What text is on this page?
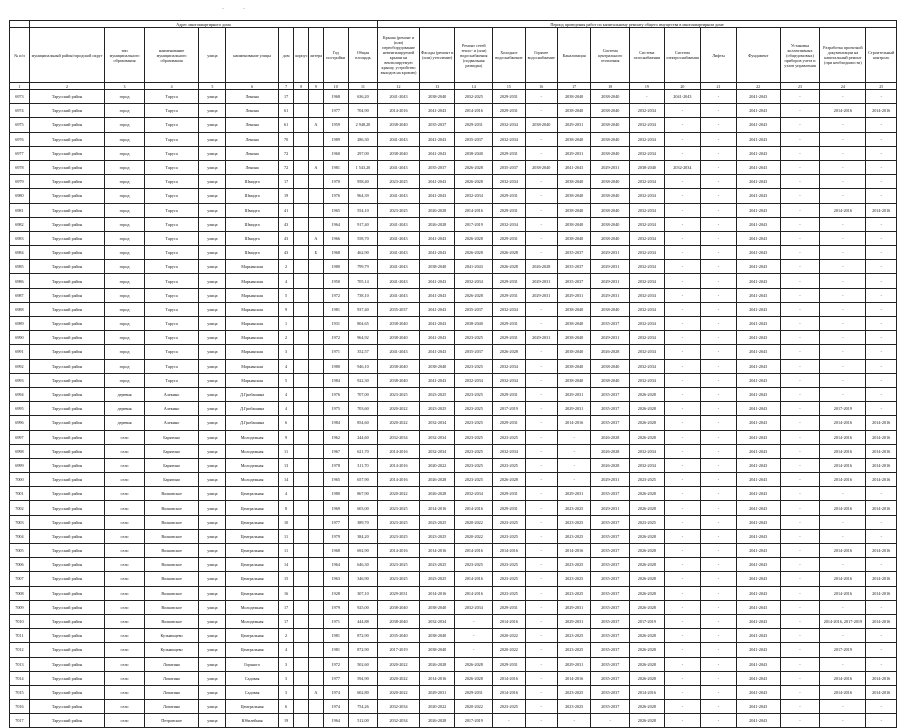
-	-
	Адрес многоквартирного дома										Период проведения работ по капитальному ремонту общего имущества в многоквартирном доме													
№ п/п	муниципальный район/городской округ	тип муниципального образования	наименование муниципального образования	улица	наименование улицы	дом	корпус	литера	Год постройки	Общая площадь	Крыша (ремонт и (или) переоборудование невентилируемой крыши на вентилируемую крышу, устройство выходов на кровлю)	Фасады (ремонт и (или) утепление)	Ремонт сетей тепло- и (или) водоснабжения (подвальная разводка)	Холодное водоснабжение	Горячее водоснабжение	Канализация	Система центрального отопления	Система газоснабжения	Система электроснабжения	Лифты	Фундамент	Установка коллективных (общедомовых) приборов учета и узлов управления	Разработка проектной документации на капитальный ремонт (при необходимости)	Строительный контроль
1	2	3	4	5	6	7	8	9	10	11	12	13	14	15	16	17	18	19	20	21	22	23	24	25
6973	Тарусский район	город	Таруса	улица	Ленина	17			1968	636,20	2041-2043	2038-2040	2032-2025	2029-2031	-	2038-2040	2038-2040	-	2041-2043	-	2041-2043	-	-	-
6974	Тарусский район	город	Таруса	улица	Ленина	61			1977	704,90	2014-2016	2041-2043	2014-2016	2029-2031	-	2038-2040	2038-2040	2032-2034	-	-	2041-2043	-	2014-2016	2014-2016
6975	Тарусский район	город	Таруса	улица	Ленина	61		А	1959	2 948,20	2038-2040	2035-2037	2029-2031	2032-2034	2038-2040	2029-2031	2038-2040	2032-2034	-	-	2041-2043	-	-	-
6976	Тарусский район	город	Таруса	улица	Ленина	70			1989	286,30	2041-2043	2041-2043	2035-2037	2032-2034	-	2038-2040	2038-2040	2032-2034	-	-	2041-2043	-	-	-
6977	Тарусский район	город	Таруса	улица	Ленина	72			1960	297,00	2038-2040	2041-2043	2038-2040	2029-2031	-	2029-2031	2038-2040	2032-2034	-	-	2041-2043	-	-	-
6978	Тарусский район	город	Таруса	улица	Ленина	72		А	1981	1 543,20	2041-2043	2035-2037	2026-2028	2035-2037	2038-2040	2041-2043	2029-2031	2038-2040	2032-2034	-	2041-2043	-	-	-
6979	Тарусский район	город	Таруса	улица	Шмидта	17			1970	958,40	2023-2025	2041-2043	2026-2028	2032-2034	-	2038-2040	2038-2040	2032-2034	-	-	2041-2043	-	-	-
6980	Тарусский район	город	Таруса	улица	Шмидта	19			1976	964,39	2041-2043	2041-2043	2032-2034	2029-2031	-	2038-2040	2038-2040	2032-2034	-	-	2041-2043	-	-	-
6981	Тарусский район	город	Таруса	улица	Шмидта	41			1965	554,10	2023-2025	2026-2028	2014-2016	2029-2031	-	2038-2040	2038-2040	2032-2034	-	-	2041-2043	-	2014-2016	2014-2016
6982	Тарусский район	город	Таруса	улица	Шмидта	43			1964	917,40	2041-2043	2026-2028	2017-2019	2032-2034	-	2038-2040	2038-2040	2032-2034	-	-	2041-2043	-	-	-
6983	Тарусский район	город	Таруса	улица	Шмидта	43		А	1966	558,70	2041-2043	2041-2043	2026-2028	2029-2031	-	2038-2040	2038-2040	2032-2034	-	-	2041-2043	-	-	-
6984	Тарусский район	город	Таруса	улица	Шмидта	43		Б	1968	462,90	2041-2043	2041-2043	2026-2028	2026-2028	-	2035-2037	2029-2031	2032-2034	-	-	2041-2043	-	-	-
6985	Тарусский район	город	Таруса	улица	Марьинская	2			1980	799,79	2041-2043	2038-2040	2041-2043	2026-2028	2026-2028	2035-2037	2029-2031	2032-2034	-	-	2041-2043	-	-	-
6986	Тарусский район	город	Таруса	улица	Марьинская	4			1950	705,14	2041-2043	2041-2043	2032-2034	2029-2031	2029-2031	2035-2037	2029-2031	2032-2034	-	-	2041-2043	-	-	-
6987	Тарусский район	город	Таруса	улица	Марьинская	5			1972	738,10	2041-2043	2041-2043	2026-2028	2029-2031	2029-2031	2029-2031	2029-2031	2032-2034	-	-	2041-2043	-	-	-
6988	Тарусский район	город	Таруса	улица	Марьинская	9			1981	937,40	2035-2037	2041-2043	2035-2037	2032-2034	-	2038-2040	2038-2040	2032-2034	-	-	2041-2043	-	-	-
6989	Тарусский район	город	Таруса	улица	Марьинская	1			1931	804,65	2038-2040	2041-2043	2038-2040	2029-2031	-	2038-2040	2035-2037	2032-2034	-	-	2041-2043	-	-	-
6990	Тарусский район	город	Таруса	улица	Марьинская	2			1972	964,92	2038-2040	2041-2043	2023-2025	2029-2031	2029-2031	2038-2040	2029-2031	2032-2034	-	-	2041-2043	-	-	-
6991	Тарусский район	город	Таруса	улица	Марьинская	3			1971	352,57	2041-2043	2041-2043	2035-2037	2026-2028	-	2038-2040	2026-2028	2032-2034	-	-	2041-2043	-	-	-
6992	Тарусский район	город	Таруса	улица	Марьинская	4			1980	946,10	2038-2040	2038-2040	2023-2025	2032-2034	-	2038-2040	2038-2040	2032-2034	-	-	2041-2043	-	-	-
6993	Тарусский район	город	Таруса	улица	Марьинская	5			1984	922,30	2038-2040	2041-2043	2032-2034	2032-2034	-	2038-2040	2038-2040	2032-2034	-	-	2041-2043	-	-	-
6994	Тарусский район	деревня	Алекино	улица	Д.Грибашина	4			1976	707,00	2023-2025	2023-2025	2023-2025	2029-2031	-	2029-2031	2035-2037	2026-2028	-	-	2041-2043	-	-	-
6995	Тарусский район	деревня	Алекино	улица	Д.Грибашина	4			1975	703,60	2020-2022	2023-2025	2023-2025	2017-2019	-	2029-2031	2035-2037	2026-2028	-	-	2041-2043	-	2017-2019	-
6996	Тарусский район	деревня	Алекино	улица	Д.Грибашина	6			1984	854,60	2020-2022	2032-2034	2023-2025	2029-2031	-	2014-2016	2035-2037	2026-2028	-	-	2041-2043	-	2014-2016	2014-2016
6997	Тарусский район	село	Барятино	улица	Молодежная	9			1962	244,60	2032-2034	2032-2034	2023-2025	2023-2025	-	-	2026-2028	2026-2028	-	-	2041-2043	-	2014-2016	2014-2016
6998	Тарусский район	село	Барятино	улица	Молодежная	11			1967	621,70	2014-2016	2032-2034	2023-2025	2032-2034	-	-	2026-2028	2032-2034	-	-	2041-2043	-	2014-2016	2014-2016
6999	Тарусский район	село	Барятино	улица	Молодежная	13			1978	311,70	2014-2016	2020-2022	2023-2025	2023-2025	-	-	2026-2028	2032-2034	-	-	2041-2043	-	2014-2016	2014-2016
7000	Тарусский район	село	Барятино	улица	Молодежная	14			1965	657,90	2014-2016	2026-2028	2023-2025	2026-2028	-	-	2029-2031	2023-2025	-	-	2041-2043	-	2014-2016	2014-2016
7001	Тарусский район	село	Волковское	улица	Центральная	4			1980	867,90	2020-2022	2026-2028	2032-2034	2029-2031	-	2029-2031	2035-2037	2026-2028	-	-	2041-2043	-	-	-
7002	Тарусский район	село	Волковское	улица	Центральная	8			1969	603,00	2023-2025	2014-2016	2014-2016	2029-2031	-	2023-2025	2029-2031	2026-2028	-	-	2041-2043	-	2014-2016	2014-2016
7003	Тарусский район	село	Волковское	улица	Центральная	10			1977	389,70	2023-2025	2023-2025	2020-2022	2023-2025	-	2023-2025	2035-2037	2023-2025	-	-	2041-2043	-	-	-
7004	Тарусский район	село	Волковское	улица	Центральная	11			1979	384,20	2023-2025	2023-2025	2020-2022	2023-2025	-	2023-2025	2035-2037	2026-2028	-	-	2041-2043	-	-	-
7005	Тарусский район	село	Волковское	улица	Центральная	11			1968	692,90	2014-2016	2014-2016	2014-2016	2014-2016	-	2014-2016	2035-2037	2026-2028	-	-	2041-2043	-	2014-2016	2014-2016
7006	Тарусский район	село	Волковское	улица	Центральная	14			1964	646,30	2023-2025	2023-2025	2023-2025	2023-2025	-	2023-2025	2035-2037	2026-2028	-	-	2041-2043	-	-	-
7007	Тарусский район	село	Волковское	улица	Центральная	15			1963	346,90	2023-2025	2023-2025	2014-2016	2023-2025	-	2023-2025	2035-2037	2026-2028	-	-	2041-2043	-	2014-2016	2014-2016
7008	Тарусский район	село	Волковское	улица	Центральная	16			1928	307,10	2029-2031	2014-2016	2014-2016	2023-2025	-	2023-2025	2035-2037	2026-2028	-	-	2041-2043	-	2014-2016	2014-2016
7009	Тарусский район	село	Волковское	улица	Молодежная	17			1979	925,00	2038-2040	2038-2040	2032-2034	2029-2031	-	2029-2031	2035-2037	2026-2028	-	-	2041-2043	-	-	-
7010	Тарусский район	село	Волковское	улица	Молодежная	17			1971	444,88	2038-2040	2032-2034	-	2014-2016	-	2029-2031	2035-2037	2017-2019	-	-	2041-2043	-	2014-2016, 2017-2019	2014-2016
7011	Тарусский район	село	Кузьмищево	улица	Центральная	2			1981	872,90	2035-2040	2038-2040	-	2020-2022	-	2023-2025	2035-2037	2026-2028	-	-	2041-2043	-	-	-
7012	Тарусский район	село	Кузьмищево	улица	Центральная	4			1981	872,90	2017-2019	2038-2040	-	2020-2022	-	2023-2025	2035-2037	2026-2028	-	-	2041-2043	-	2017-2019	-
7013	Тарусский район	село	Лопатино	улица	Горького	3			1972	502,60	2020-2022	2026-2028	2026-2028	2029-2031	-	2029-2031	2035-2037	2026-2028	-	-	2041-2043	-	-	-
7014	Тарусский район	село	Лопатино	улица	Садовая	3			1977	594,90	2020-2022	2014-2016	2026-2028	2014-2016	-	2014-2016	2035-2037	2026-2028	-	-	2041-2043	-	2014-2016	2014-2016
7015	Тарусский район	село	Лопатино	улица	Садовая	3		А	1974	602,80	2020-2022	2029-2031	2029-2031	2014-2016	-	2023-2025	2035-2037	2014-2016	-	-	2041-2043	-	2014-2016	2014-2016
7016	Тарусский район	село	Лопатино	улица	Центральная	6			1974	754,26	2032-2034	2020-2022	2020-2022	2023-2025	-	2023-2025	2035-2037	2026-2028	-	-	2041-2043	-	-	-
7017	Тарусский район	село	Петровское	улица	Юбилейная	19			1964	512,00	2032-2034	2026-2028	2017-2019	-	-	-	-	2026-2028	-	-	2041-2043	-	-	-
